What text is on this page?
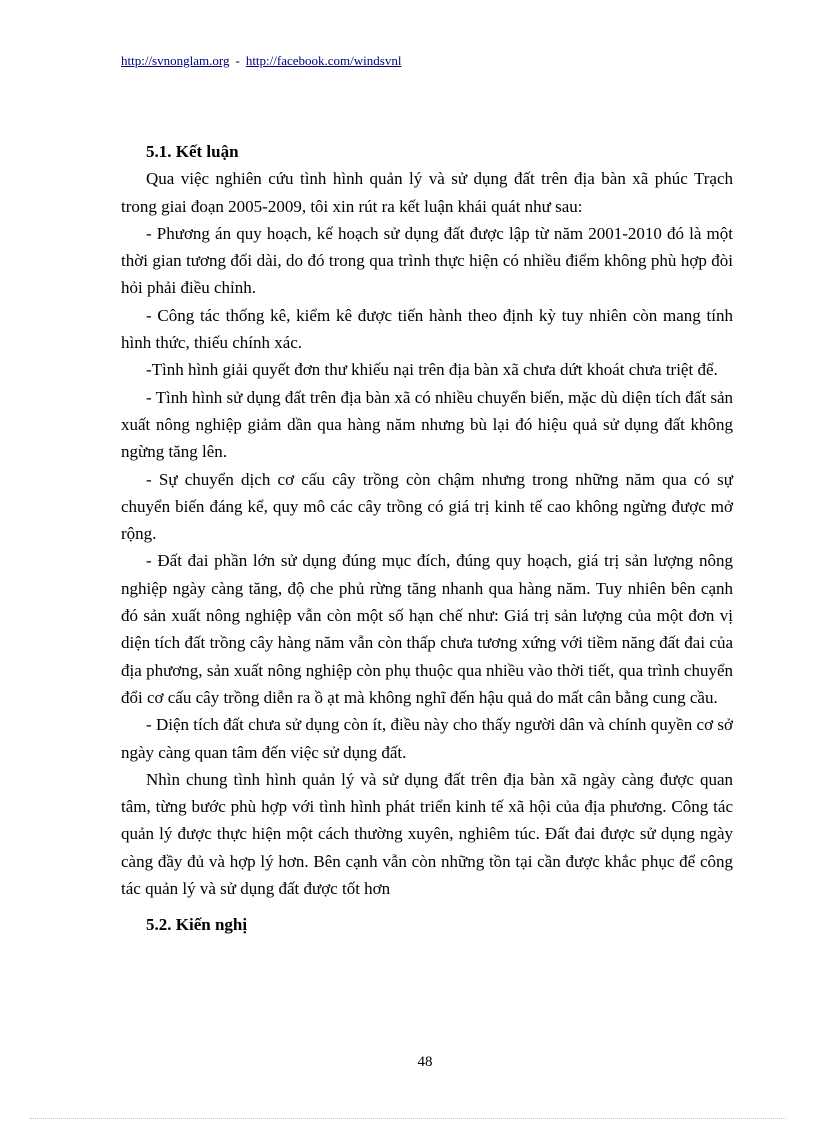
http://svnonglam.org - http://facebook.com/windsvnl

5.1. Kết luận

Qua việc nghiên cứu tình hình quản lý và sử dụng đất trên địa bàn xã phúc Trạch trong giai đoạn 2005-2009, tôi xin rút ra kết luận khái quát như sau:

- Phương án quy hoạch, kế hoạch sử dụng đất được lập từ năm 2001-2010 đó là một thời gian tương đối dài, do đó trong qua trình thực hiện có nhiều điểm không phù hợp đòi hỏi phải điều chỉnh.

- Công tác thống kê, kiểm kê được tiến hành theo định kỳ tuy nhiên còn mang tính hình thức, thiếu chính xác.

-Tình hình giải quyết đơn thư khiếu nại trên địa bàn xã chưa dứt khoát chưa triệt để.

- Tình hình sử dụng đất trên địa bàn xã có nhiều chuyển biến, mặc dù diện tích đất sản xuất nông nghiệp giảm dần qua hàng năm nhưng bù lại đó hiệu quả sử dụng đất không ngừng tăng lên.

- Sự chuyển dịch cơ cấu cây trồng còn chậm nhưng trong những năm qua có sự chuyển biến đáng kể, quy mô các cây trồng có giá trị kinh tế cao không ngừng được mở rộng.

- Đất đai phần lớn sử dụng đúng mục đích, đúng quy hoạch, giá trị sản lượng nông nghiệp ngày càng tăng, độ che phủ rừng tăng nhanh qua hàng năm. Tuy nhiên bên cạnh đó sản xuất nông nghiệp vẫn còn một số hạn chế như: Giá trị sản lượng của một đơn vị diện tích đất trồng cây hàng năm vẫn còn thấp chưa tương xứng với tiềm năng đất đai của địa phương, sản xuất nông nghiệp còn phụ thuộc qua nhiều vào thời tiết, qua trình chuyển đổi cơ cấu cây trồng diễn ra ồ ạt mà không nghĩ đến hậu quả do mất cân bằng cung cầu.

- Diện tích đất chưa sử dụng còn ít, điều này cho thấy người dân và chính quyền cơ sở ngày càng quan tâm đến việc sử dụng đất.

Nhìn chung tình hình quản lý và sử dụng đất trên địa bàn xã ngày càng được quan tâm, từng bước phù hợp với tình hình phát triển kinh tế xã hội của địa phương. Công tác quản lý được thực hiện một cách thường xuyên, nghiêm túc. Đất đai được sử dụng ngày càng đầy đủ và hợp lý hơn. Bên cạnh vẫn còn những tồn tại cần được khắc phục để công tác quản lý và sử dụng đất được tốt hơn

5.2. Kiến nghị

48
